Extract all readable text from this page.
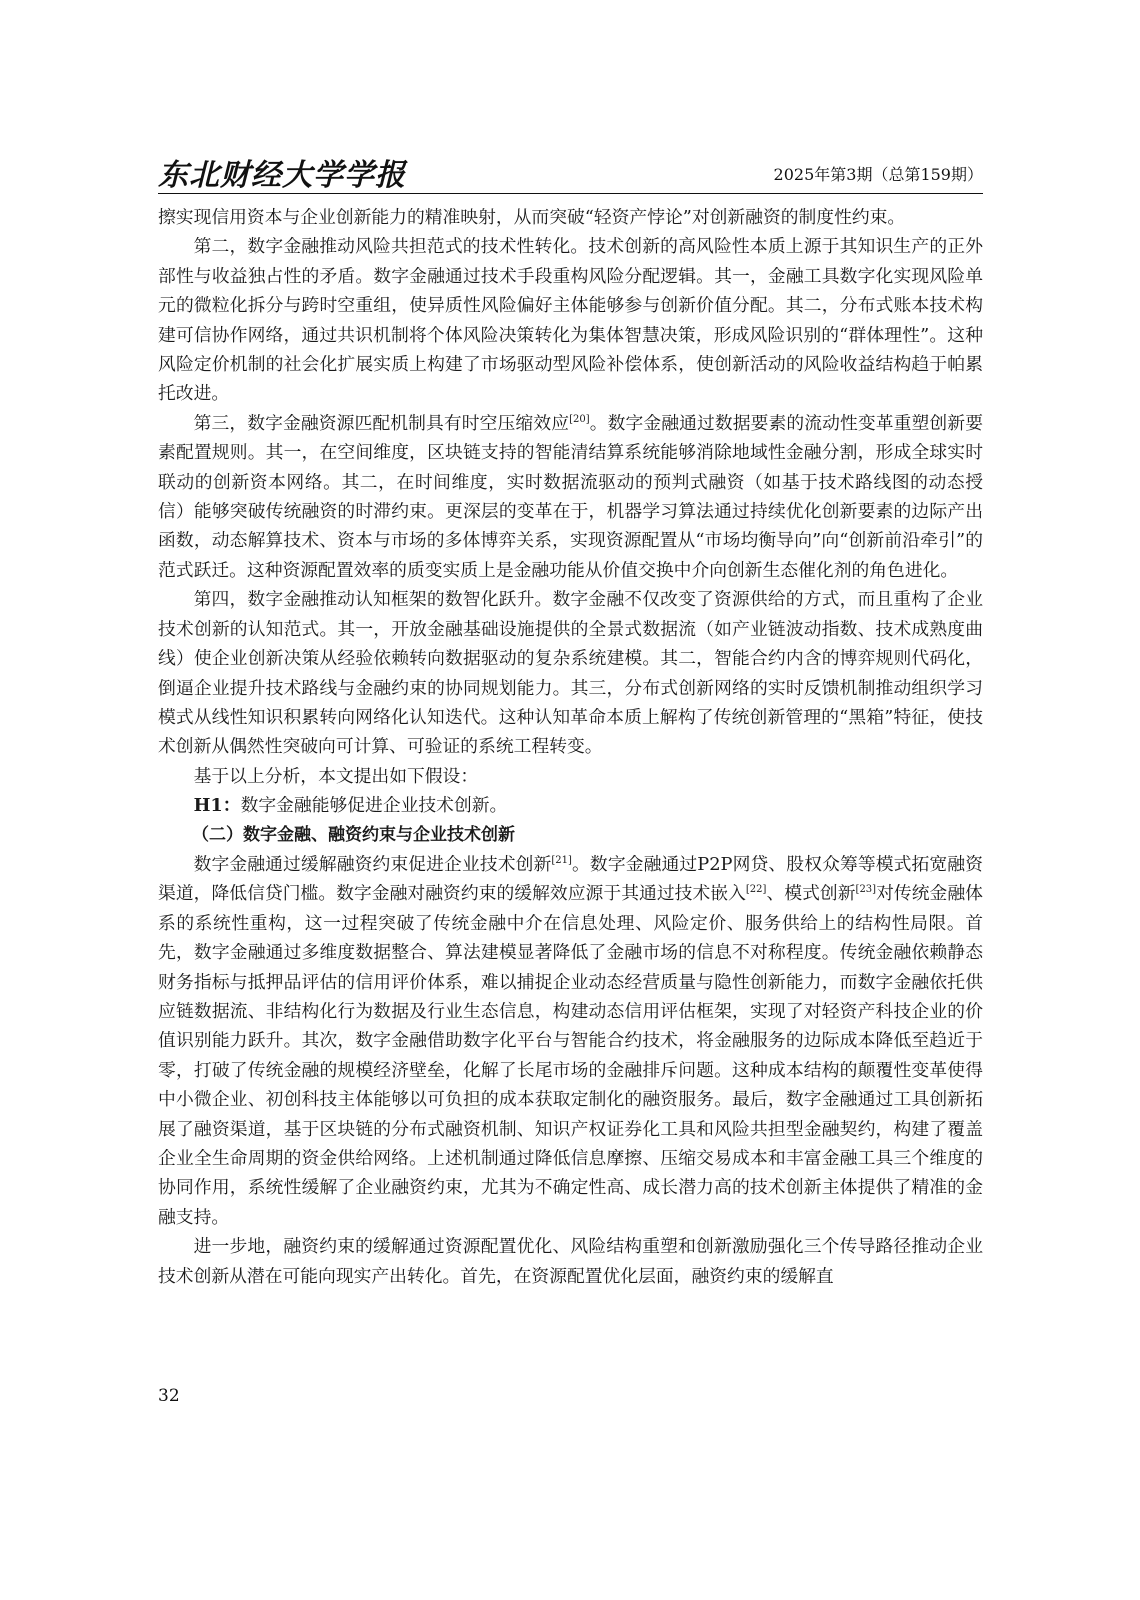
东北财经大学学报	2025年第3期（总第159期）

擦实现信用资本与企业创新能力的精准映射，从而突破“轻资产悖论”对创新融资的制度性约束。

第二，数字金融推动风险共担范式的技术性转化。技术创新的高风险性本质上源于其知识生产的正外部性与收益独占性的矛盾。数字金融通过技术手段重构风险分配逻辑。其一，金融工具数字化实现风险单元的微粒化拆分与跨时空重组，使异质性风险偏好主体能够参与创新价值分配。其二，分布式账本技术构建可信协作网络，通过共识机制将个体风险决策转化为集体智慧决策，形成风险识别的“群体理性”。这种风险定价机制的社会化扩展实质上构建了市场驱动型风险补偿体系，使创新活动的风险收益结构趋于帕累托改进。

第三，数字金融资源匹配机制具有时空压缩效应[20]。数字金融通过数据要素的流动性变革重塑创新要素配置规则。其一，在空间维度，区块链支持的智能清结算系统能够消除地域性金融分割，形成全球实时联动的创新资本网络。其二，在时间维度，实时数据流驱动的预判式融资（如基于技术路线图的动态授信）能够突破传统融资的时滞约束。更深层的变革在于，机器学习算法通过持续优化创新要素的边际产出函数，动态解算技术、资本与市场的多体博弈关系，实现资源配置从“市场均衡导向”向“创新前沿牵引”的范式跃迁。这种资源配置效率的质变实质上是金融功能从价值交换中介向创新生态催化剂的角色进化。

第四，数字金融推动认知框架的数智化跃升。数字金融不仅改变了资源供给的方式，而且重构了企业技术创新的认知范式。其一，开放金融基础设施提供的全景式数据流（如产业链波动指数、技术成熟度曲线）使企业创新决策从经验依赖转向数据驱动的复杂系统建模。其二，智能合约内含的博弈规则代码化，倒逼企业提升技术路线与金融约束的协同规划能力。其三，分布式创新网络的实时反馈机制推动组织学习模式从线性知识积累转向网络化认知迭代。这种认知革命本质上解构了传统创新管理的“黑箱”特征，使技术创新从偶然性突破向可计算、可验证的系统工程转变。

基于以上分析，本文提出如下假设：

H1：数字金融能够促进企业技术创新。

（二）数字金融、融资约束与企业技术创新

数字金融通过缓解融资约束促进企业技术创新[21]。数字金融通过P2P网贷、股权众筹等模式拓宽融资渠道，降低信贷门槛。数字金融对融资约束的缓解效应源于其通过技术嵌入[22]、模式创新[23]对传统金融体系的系统性重构，这一过程突破了传统金融中介在信息处理、风险定价、服务供给上的结构性局限。首先，数字金融通过多维度数据整合、算法建模显著降低了金融市场的信息不对称程度。传统金融依赖静态财务指标与抵押品评估的信用评价体系，难以捕捉企业动态经营质量与隐性创新能力，而数字金融依托供应链数据流、非结构化行为数据及行业生态信息，构建动态信用评估框架，实现了对轻资产科技企业的价值识别能力跃升。其次，数字金融借助数字化平台与智能合约技术，将金融服务的边际成本降低至趋近于零，打破了传统金融的规模经济壁垒，化解了长尾市场的金融排斥问题。这种成本结构的颠覆性变革使得中小微企业、初创科技主体能够以可负担的成本获取定制化的融资服务。最后，数字金融通过工具创新拓展了融资渠道，基于区块链的分布式融资机制、知识产权证券化工具和风险共担型金融契约，构建了覆盖企业全生命周期的资金供给网络。上述机制通过降低信息摩擦、压缩交易成本和丰富金融工具三个维度的协同作用，系统性缓解了企业融资约束，尤其为不确定性高、成长潜力高的技术创新主体提供了精准的金融支持。

进一步地，融资约束的缓解通过资源配置优化、风险结构重塑和创新激励强化三个传导路径推动企业技术创新从潜在可能向现实产出转化。首先，在资源配置优化层面，融资约束的缓解直

32
